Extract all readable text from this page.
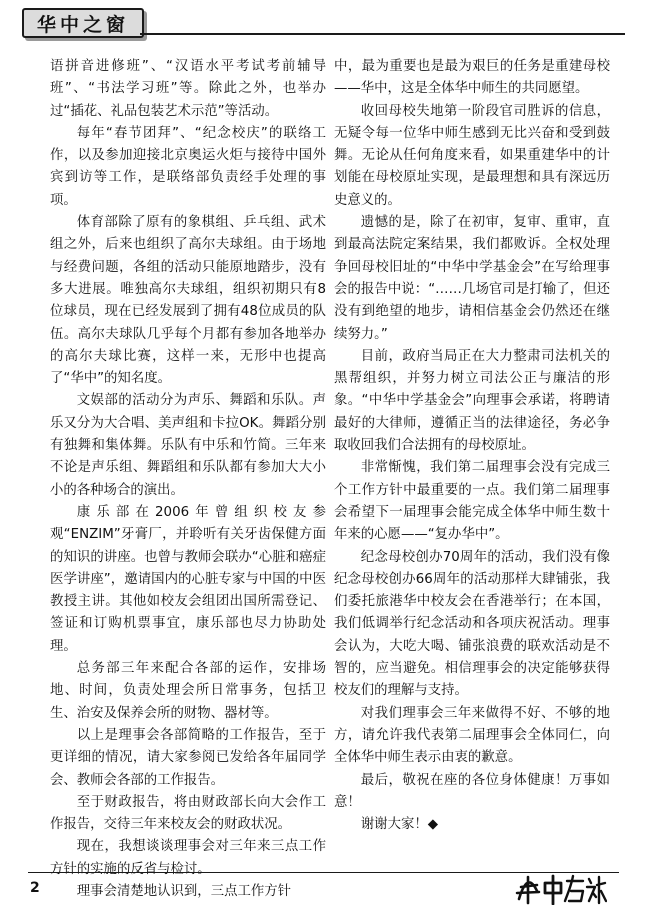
华中之窗

语拼音进修班”、“汉语水平考试考前辅导班”、“书法学习班”等。除此之外，也举办过“插花、礼品包装艺术示范”等活动。

每年“春节团拜”、“纪念校庆”的联络工作，以及参加迎接北京奥运火炬与接待中国外宾到访等工作，是联络部负责经手处理的事项。

体育部除了原有的象棋组、乒乓组、武术组之外，后来也组织了高尔夫球组。由于场地与经费问题，各组的活动只能原地踏步，没有多大进展。唯独高尔夫球组，组织初期只有8位球员，现在已经发展到了拥有48位成员的队伍。高尔夫球队几乎每个月都有参加各地举办的高尔夫球比赛，这样一来，无形中也提高了“华中”的知名度。

文娱部的活动分为声乐、舞蹈和乐队。声乐又分为大合唱、美声组和卡拉OK。舞蹈分别有独舞和集体舞。乐队有中乐和竹简。三年来不论是声乐组、舞蹈组和乐队都有参加大大小小的各种场合的演出。

康乐部在2006年曾组织校友参观“ENZIM”牙膏厂，并聆听有关牙齿保健方面的知识的讲座。也曾与教师会联办“心脏和癌症医学讲座”，邀请国内的心脏专家与中国的中医教授主讲。其他如校友会组团出国所需登记、签证和订购机票事宜，康乐部也尽力协助处理。

总务部三年来配合各部的运作，安排场地、时间，负责处理会所日常事务，包括卫生、治安及保养会所的财物、器材等。

以上是理事会各部简略的工作报告，至于更详细的情况，请大家参阅已发给各年届同学会、教师会各部的工作报告。

至于财政报告，将由财政部长向大会作工作报告，交待三年来校友会的财政状况。

现在，我想谈谈理事会对三年来三点工作方针的实施的反省与检讨。

理事会清楚地认识到，三点工作方针

中，最为重要也是最为艰巨的任务是重建母校——华中，这是全体华中师生的共同愿望。

收回母校失地第一阶段官司胜诉的信息，无疑令每一位华中师生感到无比兴奋和受到鼓舞。无论从任何角度来看，如果重建华中的计划能在母校原址实现，是最理想和具有深远历史意义的。

遗憾的是，除了在初审，复审、重审，直到最高法院定案结果，我们都败诉。全权处理争回母校旧址的“中华中学基金会”在写给理事会的报告中说：“……几场官司是打输了，但还没有到绝望的地步，请相信基金会仍然还在继续努力。”

目前，政府当局正在大力整肃司法机关的黑帮组织，并努力树立司法公正与廉洁的形象。“中华中学基金会”向理事会承诺，将聘请最好的大律师，遵循正当的法律途径，务必争取收回我们合法拥有的母校原址。

非常惭愧，我们第二届理事会没有完成三个工作方针中最重要的一点。我们第二届理事会希望下一届理事会能完成全体华中师生数十年来的心愿——“复办华中”。

纪念母校创办70周年的活动，我们没有像纪念母校创办66周年的活动那样大肆铺张，我们委托旅港华中校友会在香港举行；在本国，我们低调举行纪念活动和各项庆祝活动。理事会认为，大吃大喝、铺张浪费的联欢活动是不智的，应当避免。相信理事会的决定能够获得校友们的理解与支持。

对我们理事会三年来做得不好、不够的地方，请允许我代表第二届理事会全体同仁，向全体华中师生表示由衷的歉意。

最后，敬祝在座的各位身体健康！万事如意！

谢谢大家！◆

2
